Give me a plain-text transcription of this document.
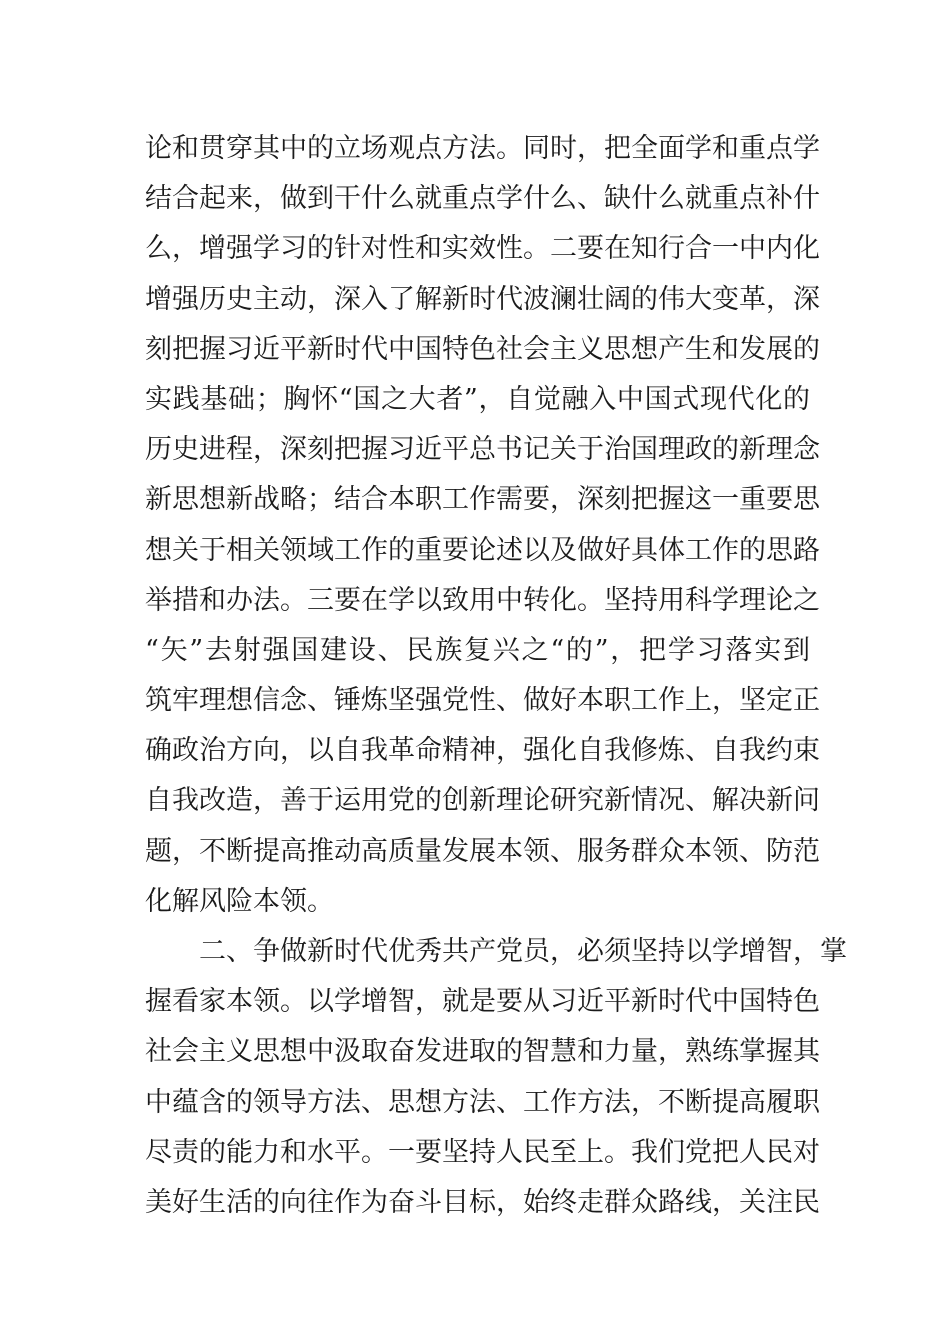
论和贯穿其中的立场观点方法。同时，把全面学和重点学
结合起来，做到干什么就重点学什么、缺什么就重点补什
么，增强学习的针对性和实效性。二要在知行合一中内化
增强历史主动，深入了解新时代波澜壮阔的伟大变革，深
刻把握习近平新时代中国特色社会主义思想产生和发展的
实践基础；胸怀“国之大者”，自觉融入中国式现代化的
历史进程，深刻把握习近平总书记关于治国理政的新理念
新思想新战略；结合本职工作需要，深刻把握这一重要思
想关于相关领域工作的重要论述以及做好具体工作的思路
举措和办法。三要在学以致用中转化。坚持用科学理论之
“矢”去射强国建设、民族复兴之“的”，把学习落实到
筑牢理想信念、锤炼坚强党性、做好本职工作上，坚定正
确政治方向，以自我革命精神，强化自我修炼、自我约束
自我改造，善于运用党的创新理论研究新情况、解决新问
题，不断提高推动高质量发展本领、服务群众本领、防范
化解风险本领。
二、争做新时代优秀共产党员，必须坚持以学增智，掌
握看家本领。以学增智，就是要从习近平新时代中国特色
社会主义思想中汲取奋发进取的智慧和力量，熟练掌握其
中蕴含的领导方法、思想方法、工作方法，不断提高履职
尽责的能力和水平。一要坚持人民至上。我们党把人民对
美好生活的向往作为奋斗目标，始终走群众路线，关注民
